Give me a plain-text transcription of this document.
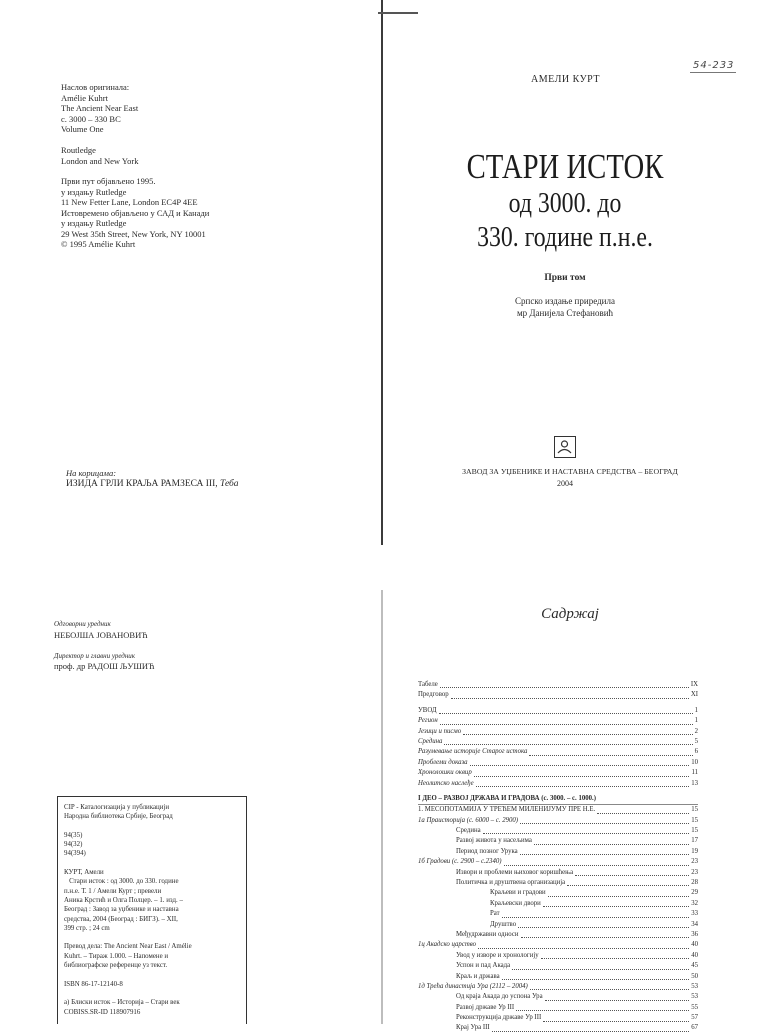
Наслов оригинала:
Amélie Kuhrt
The Ancient Near East
c. 3000 – 330 BC
Volume One
Routledge
London and New York
Први пут објављено 1995.
у издању Rutledge
11 New Fetter Lane, London EC4P 4EE
Истовремено објављено у САД и Канади
у издању Rutledge
29 West 35th Street, New York, NY 10001
© 1995 Amélie Kuhrt
На корицама:
ИЗИДА ГРЛИ КРАЉА РАМЗЕСА III, Теба
54-233
АМЕЛИ КУРТ
СТАРИ ИСТОК
од 3000. до
330. године п.н.е.
Први том
Српско издање приредила
мр Данијела Стефановић
ЗАВОД ЗА УЏБЕНИКЕ И НАСТАВНА СРЕДСТВА – БЕОГРАД
2004
Одговорни уредник
НЕБОЈША ЈОВАНОВИЋ
Директор и главни уредник
проф. др РАДОШ ЉУШИЋ
CIP - Каталогизација у публикацији
Народна библиотека Србије, Београд
94(35)
94(32)
94(394)
КУРТ, Амели
Стари исток : од 3000. до 330. године
п.н.е. Т. 1 / Амели Курт ; превели
Аника Крстић и Олга Полцер. – 1. изд. –
Београд : Завод за уџбенике и наставна
средства, 2004 (Београд : БИГЗ). – XII,
399 стр. ; 24 cm
Превод дела: The Ancient Near East / Amélie
Kuhrt. – Тираж 1.000. – Напомене и
библиографске референце уз текст.
ISBN 86-17-12140-8
а) Блиски исток – Историја – Стари век
COBISS.SR-ID 118907916
Садржај
Табеле	IX
Предговор	XI
УВОД	1
Регион	1
Језици и писмо	2
Средина	5
Разумевање историје Старог истока	6
Проблеми доказа	10
Хронолошки оквир	11
Неолитско наслеђе	13
I ДЕО – РАЗВОЈ ДРЖАВА И ГРАДОВА (с. 3000. – с. 1000.)
1. МЕСОПОТАМИЈА У ТРЕЋЕМ МИЛЕНИЈУМУ ПРЕ Н.Е.	15
1а Праисторија (с. 6000 – с. 2900)	15
Средина	15
Развој живота у насељима	17
Период позног Урука	19
1б Градови (с. 2900 – с.2340)	23
Извори и проблеми њиховог коришћења	23
Политичка и друштвена организација	28
Краљеви и градови	29
Краљевски двори	32
Рат	33
Друштво	34
Међудржавни односи	36
1ц Акадско царство	40
Увод у изворе и хронологију	40
Успон и пад Акада	45
Краљ и држава	50
1д Трећа династија Ура (2112 – 2004)	53
Од краја Акада до успона Ура	53
Развој државе Ур III	55
Реконструкција државе Ур III	57
Крај Ура III	67
